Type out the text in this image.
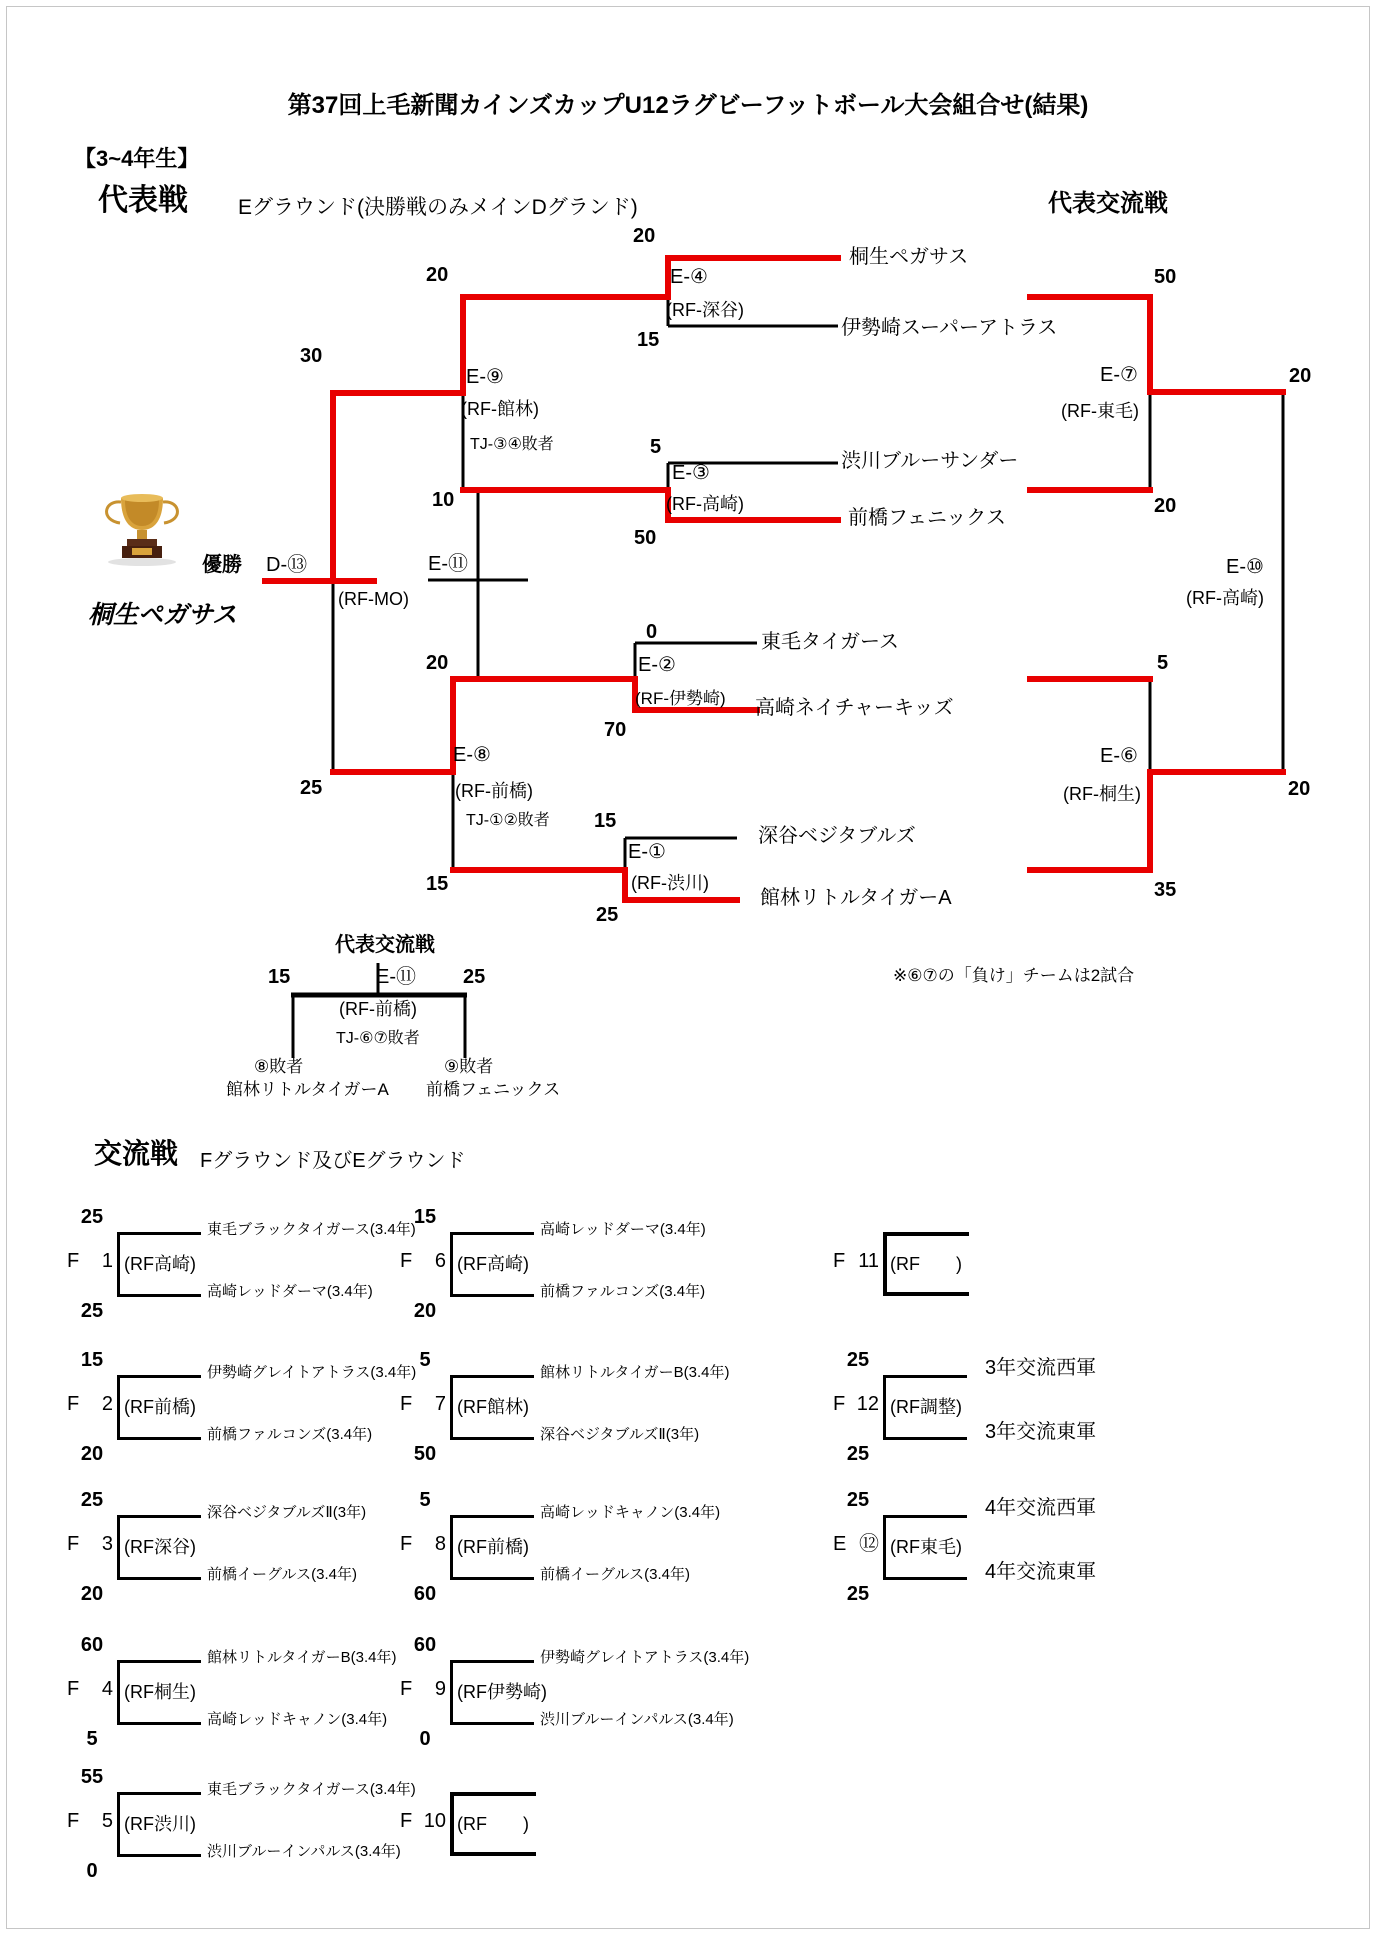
第37回上毛新聞カインズカップU12ラグビーフットボール大会組合せ(結果)
【3~4年生】
代表戦 Eグラウンド(決勝戦のみメインDグランド)	代表交流戦
桐生ペガサス
伊勢崎スーパーアトラス
渋川ブルーサンダー
前橋フェニックス
東毛タイガース
高崎ネイチャーキッズ
深谷ベジタブルズ
館林リトルタイガーA
E-④
(RF-深谷)
E-③
(RF-高崎)
E-②
(RF-伊勢崎)
E-①
(RF-渋川)
E-⑨
(RF-館林)
TJ-③④敗者
E-⑧
(RF-前橋)
TJ-①②敗者
優勝 D-⑬	E-⑪
(RF-MO)
桐生ペガサス
E-⑦
(RF-東毛)
E-⑩
(RF-高崎)
E-⑥
(RF-桐生)
20
15
5
50
0
70
15
25
20
10
30
20
15
25
50
20
20
5
35
20
代表交流戦
15	E-⑪ 25
(RF-前橋)
TJ-⑥⑦敗者
⑧敗者
館林リトルタイガーA
⑨敗者
前橋フェニックス
※⑥⑦の「負け」チームは2試合
交流戦 Fグラウンド及びEグラウンド
25
25
F	1 (RF高崎)
東毛ブラックタイガース(3.4年)
高崎レッドダーマ(3.4年)
15
20
F	2 (RF前橋)
伊勢崎グレイトアトラス(3.4年)
前橋ファルコンズ(3.4年)
25
20
F	3 (RF深谷)
深谷ベジタブルズⅡ(3年)
前橋イーグルス(3.4年)
60
5
F	4 (RF桐生)
館林リトルタイガーB(3.4年)
高崎レッドキャノン(3.4年)
55
0
F	5 (RF渋川)
東毛ブラックタイガース(3.4年)
渋川ブルーインパルス(3.4年)
15
20
F	6 (RF高崎)
高崎レッドダーマ(3.4年)
前橋ファルコンズ(3.4年)
5
50
F	7 (RF館林)
館林リトルタイガーB(3.4年)
深谷ベジタブルズⅡ(3年)
5
60
F	8 (RF前橋)
高崎レッドキャノン(3.4年)
前橋イーグルス(3.4年)
60
0
F	9 (RF伊勢崎)
伊勢崎グレイトアトラス(3.4年)
渋川ブルーインパルス(3.4年)
F 10 (RF　　)
F 11 (RF　　)
25
25
F 12 (RF調整)
3年交流西軍
3年交流東軍
25
25
E ⑫ (RF東毛)
4年交流西軍
4年交流東軍
